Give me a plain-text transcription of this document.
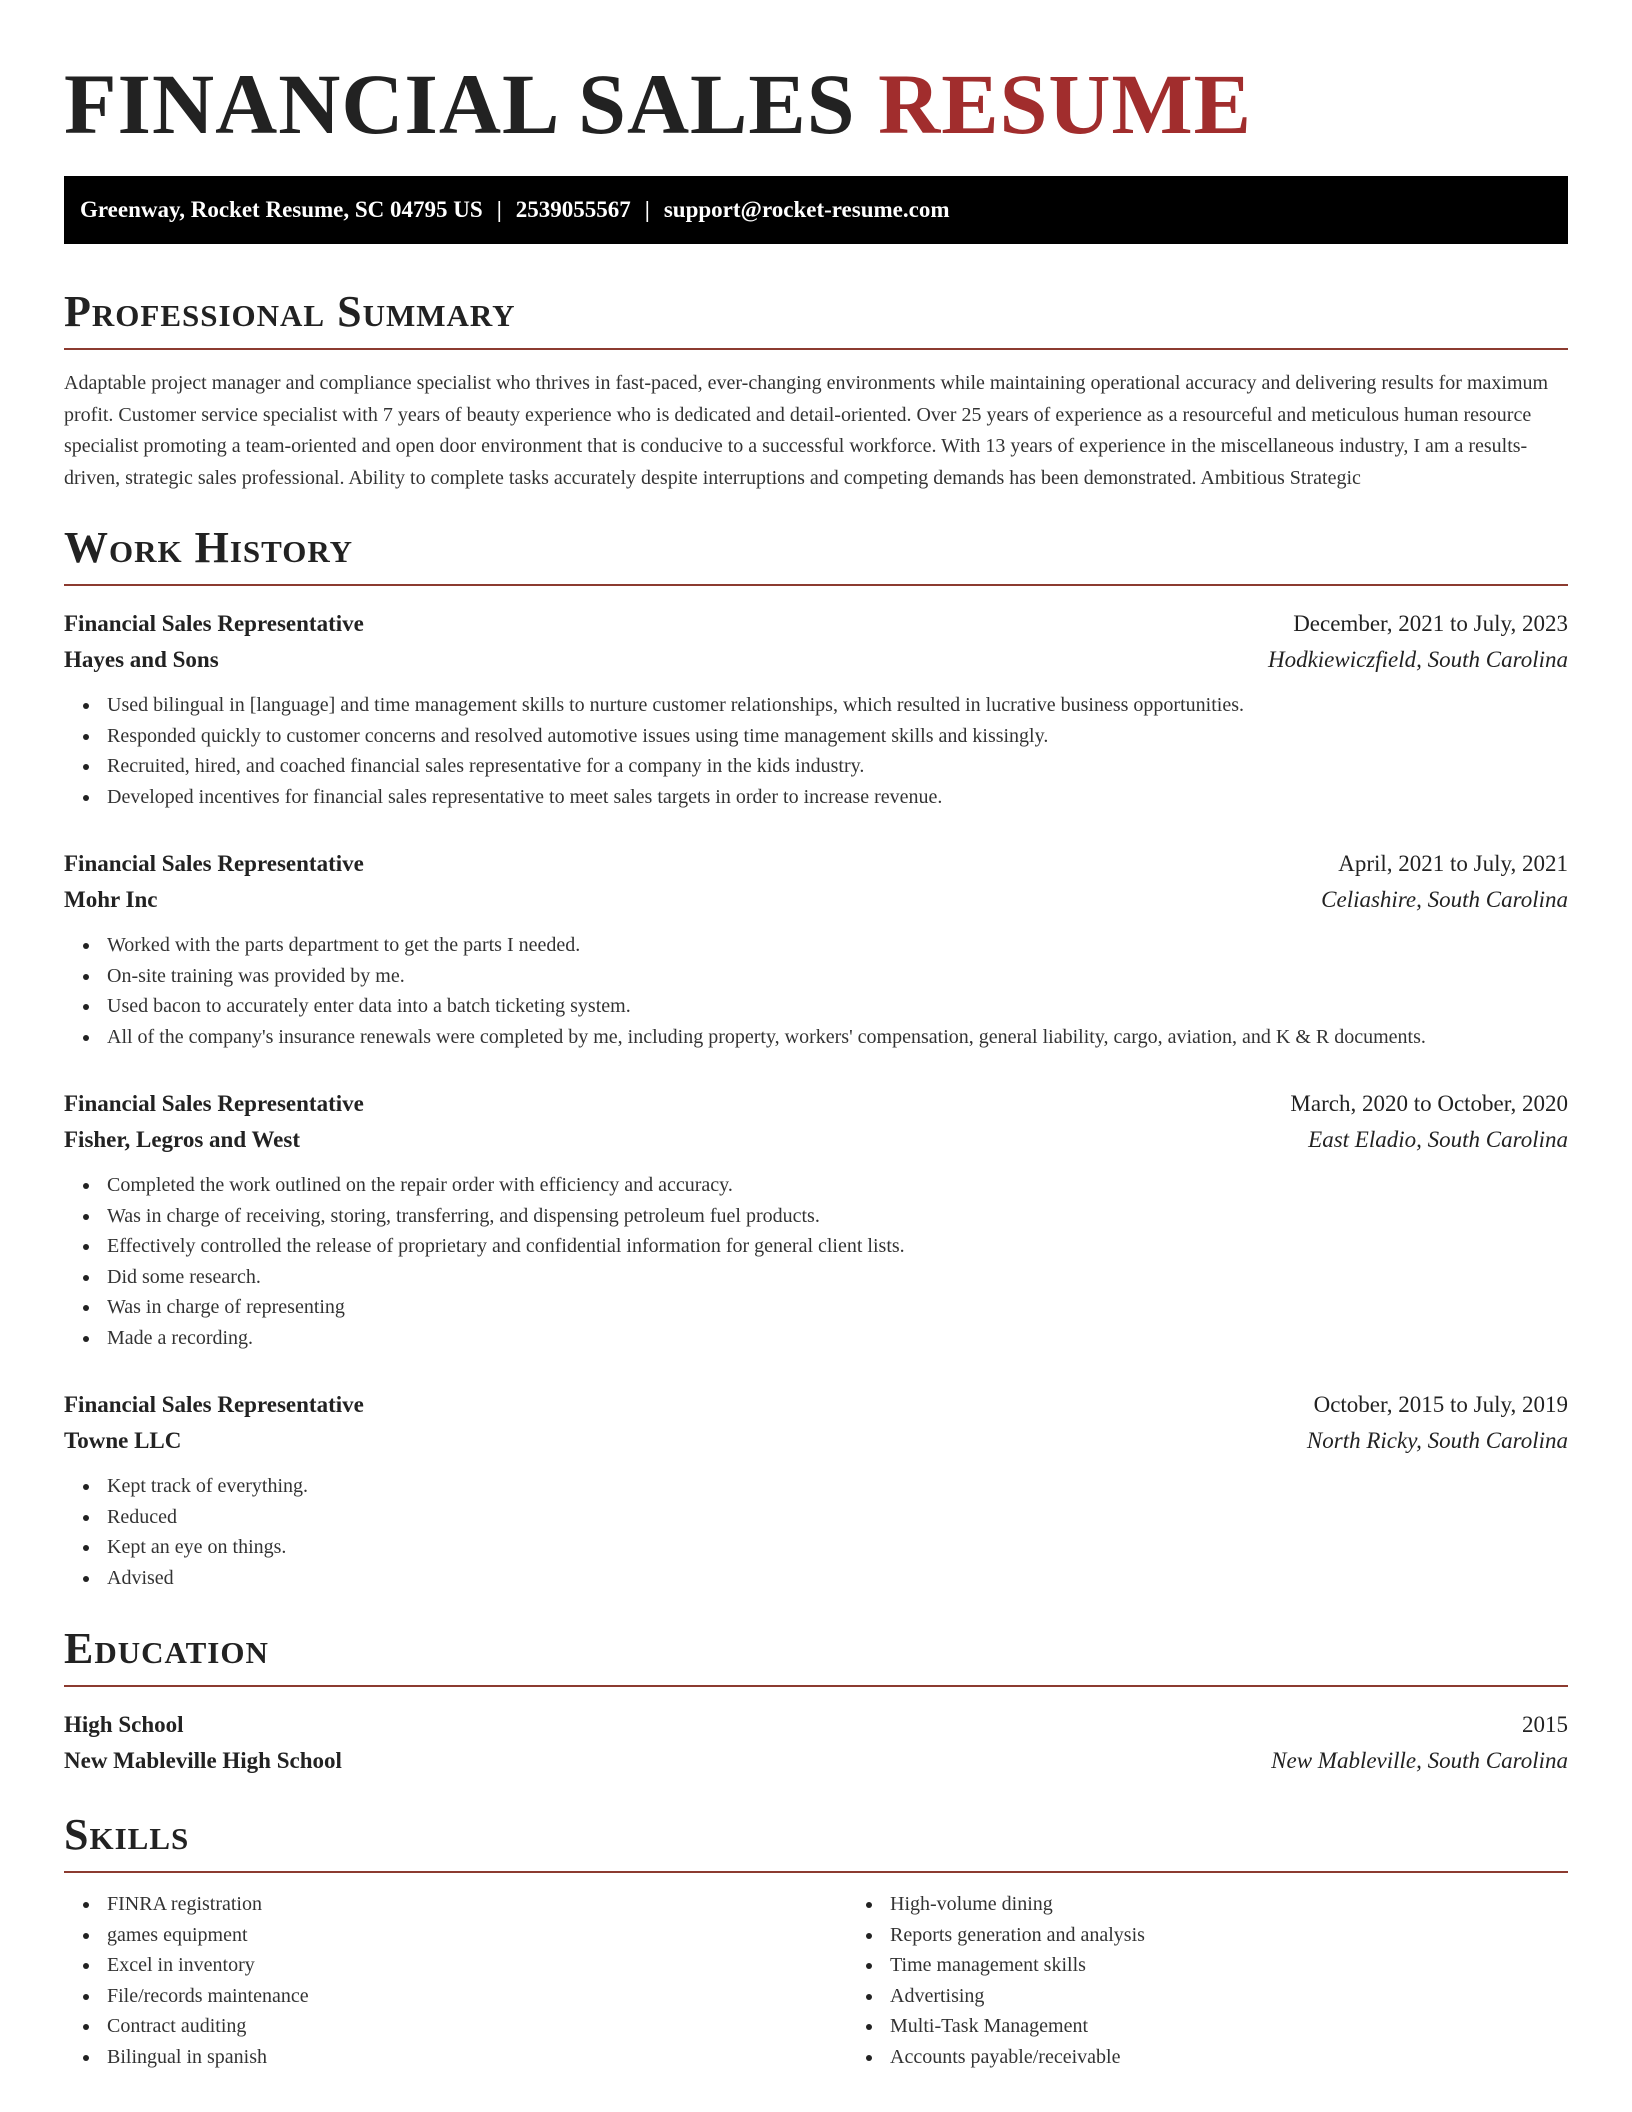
FINANCIAL SALES RESUME
Greenway, Rocket Resume, SC 04795 US | 2539055567 | support@rocket-resume.com
Professional Summary

Adaptable project manager and compliance specialist who thrives in fast-paced, ever-changing environments while maintaining operational accuracy and delivering results for maximum profit. Customer service specialist with 7 years of beauty experience who is dedicated and detail-oriented. Over 25 years of experience as a resourceful and meticulous human resource specialist promoting a team-oriented and open door environment that is conducive to a successful workforce. With 13 years of experience in the miscellaneous industry, I am a results-driven, strategic sales professional. Ability to complete tasks accurately despite interruptions and competing demands has been demonstrated. Ambitious Strategic

Work History
Financial Sales Representative	December, 2021 to July, 2023
Hayes and Sons	Hodkiewiczfield, South Carolina
Used bilingual in [language] and time management skills to nurture customer relationships, which resulted in lucrative business opportunities.
Responded quickly to customer concerns and resolved automotive issues using time management skills and kissingly.
Recruited, hired, and coached financial sales representative for a company in the kids industry.
Developed incentives for financial sales representative to meet sales targets in order to increase revenue.
Financial Sales Representative	April, 2021 to July, 2021
Mohr Inc	Celiashire, South Carolina
Worked with the parts department to get the parts I needed.
On-site training was provided by me.
Used bacon to accurately enter data into a batch ticketing system.
All of the company's insurance renewals were completed by me, including property, workers' compensation, general liability, cargo, aviation, and K & R documents.
Financial Sales Representative	March, 2020 to October, 2020
Fisher, Legros and West	East Eladio, South Carolina
Completed the work outlined on the repair order with efficiency and accuracy.
Was in charge of receiving, storing, transferring, and dispensing petroleum fuel products.
Effectively controlled the release of proprietary and confidential information for general client lists.
Did some research.
Was in charge of representing
Made a recording.
Financial Sales Representative	October, 2015 to July, 2019
Towne LLC	North Ricky, South Carolina
Kept track of everything.
Reduced
Kept an eye on things.
Advised
Education
High School	2015
New Mableville High School	New Mableville, South Carolina
Skills
FINRA registration
games equipment
Excel in inventory
File/records maintenance
Contract auditing
Bilingual in spanish
High-volume dining
Reports generation and analysis
Time management skills
Advertising
Multi-Task Management
Accounts payable/receivable
